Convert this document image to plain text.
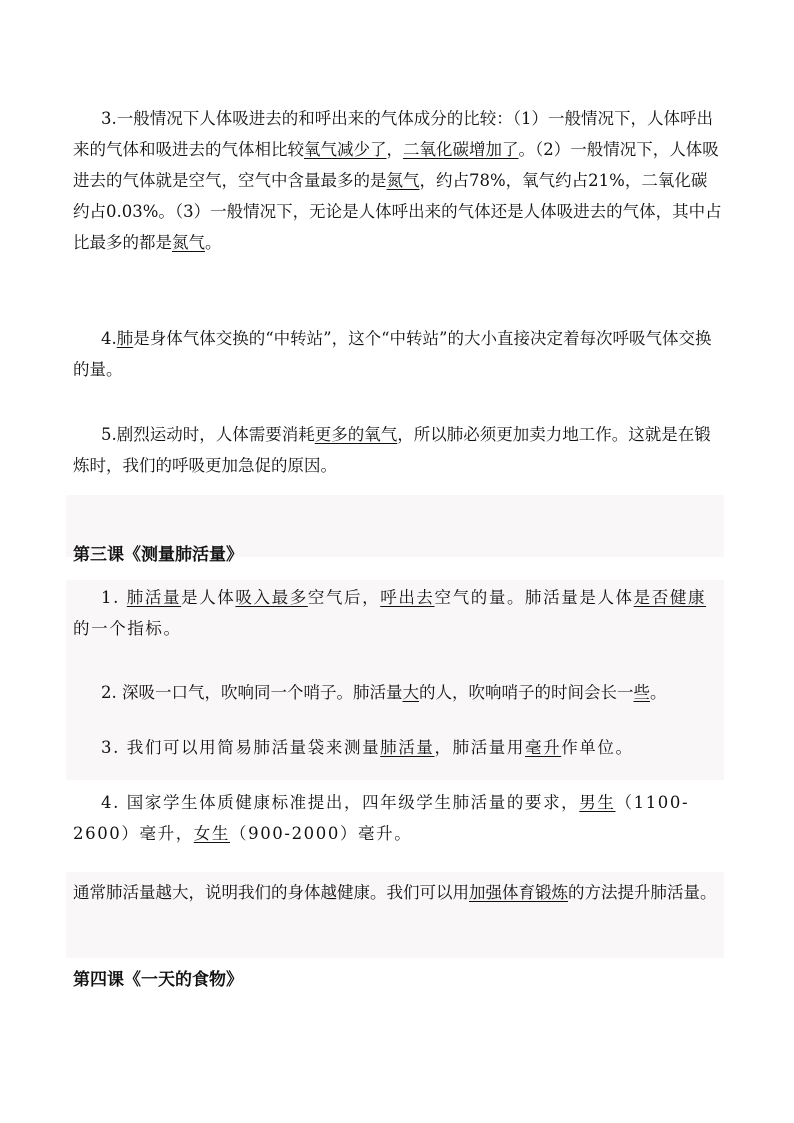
3.一般情况下人体吸进去的和呼出来的气体成分的比较：（1）一般情况下，人体呼出来的气体和吸进去的气体相比较氧气减少了，二氧化碳增加了。（2）一般情况下，人体吸进去的气体就是空气，空气中含量最多的是氮气，约占78%，氧气约占21%，二氧化碳约占0.03%。（3）一般情况下，无论是人体呼出来的气体还是人体吸进去的气体，其中占比最多的都是氮气。
4.肺是身体气体交换的“中转站”，这个“中转站”的大小直接决定着每次呼吸气体交换的量。
5.剧烈运动时，人体需要消耗更多的氧气，所以肺必须更加卖力地工作。这就是在锻炼时，我们的呼吸更加急促的原因。
第三课《测量肺活量》
1. 肺活量是人体吸入最多空气后，呼出去空气的量。肺活量是人体是否健康的一个指标。
2. 深吸一口气，吹响同一个哨子。肺活量大的人，吹响哨子的时间会长一些。
3. 我们可以用简易肺活量袋来测量肺活量，肺活量用毫升作单位。
4. 国家学生体质健康标准提出，四年级学生肺活量的要求，男生（1100-2600）毫升，女生（900-2000）毫升。
通常肺活量越大，说明我们的身体越健康。我们可以用加强体育锻炼的方法提升肺活量。
第四课《一天的食物》
